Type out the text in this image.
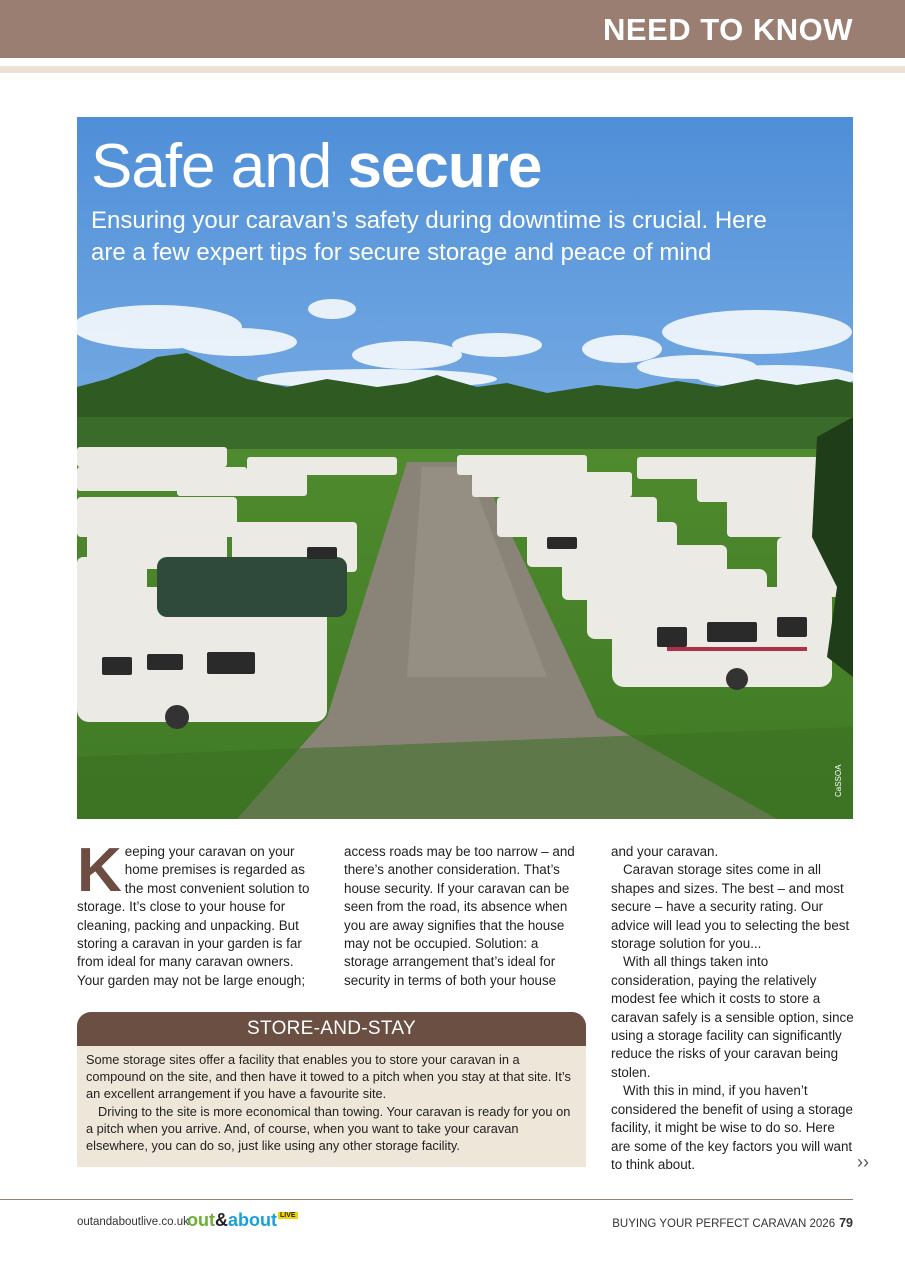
NEED TO KNOW
Safe and secure
Ensuring your caravan’s safety during downtime is crucial. Here are a few expert tips for secure storage and peace of mind
CaSSOA

Keeping your caravan on your home premises is regarded as the most convenient solution to storage. It’s close to your house for cleaning, packing and unpacking. But storing a caravan in your garden is far from ideal for many caravan owners. Your garden may not be large enough;

access roads may be too narrow – and there’s another consideration. That’s house security. If your caravan can be seen from the road, its absence when you are away signifies that the house may not be occupied. Solution: a storage arrangement that’s ideal for security in terms of both your house

and your caravan.

Caravan storage sites come in all shapes and sizes. The best – and most secure – have a security rating. Our advice will lead you to selecting the best storage solution for you...

With all things taken into consideration, paying the relatively modest fee which it costs to store a caravan safely is a sensible option, since using a storage facility can significantly reduce the risks of your caravan being stolen.

With this in mind, if you haven’t considered the benefit of using a storage facility, it might be wise to do so. Here are some of the key factors you will want to think about.	››
STORE-AND-STAY

Some storage sites offer a facility that enables you to store your caravan in a compound on the site, and then have it towed to a pitch when you stay at that site. It’s an excellent arrangement if you have a favourite site.

Driving to the site is more economical than towing. Your caravan is ready for you on a pitch when you arrive. And, of course, when you want to take your caravan elsewhere, you can do so, just like using any other storage facility.

outandaboutlive.co.uk
out&about LIVE
BUYING YOUR PERFECT CARAVAN 2026 79
